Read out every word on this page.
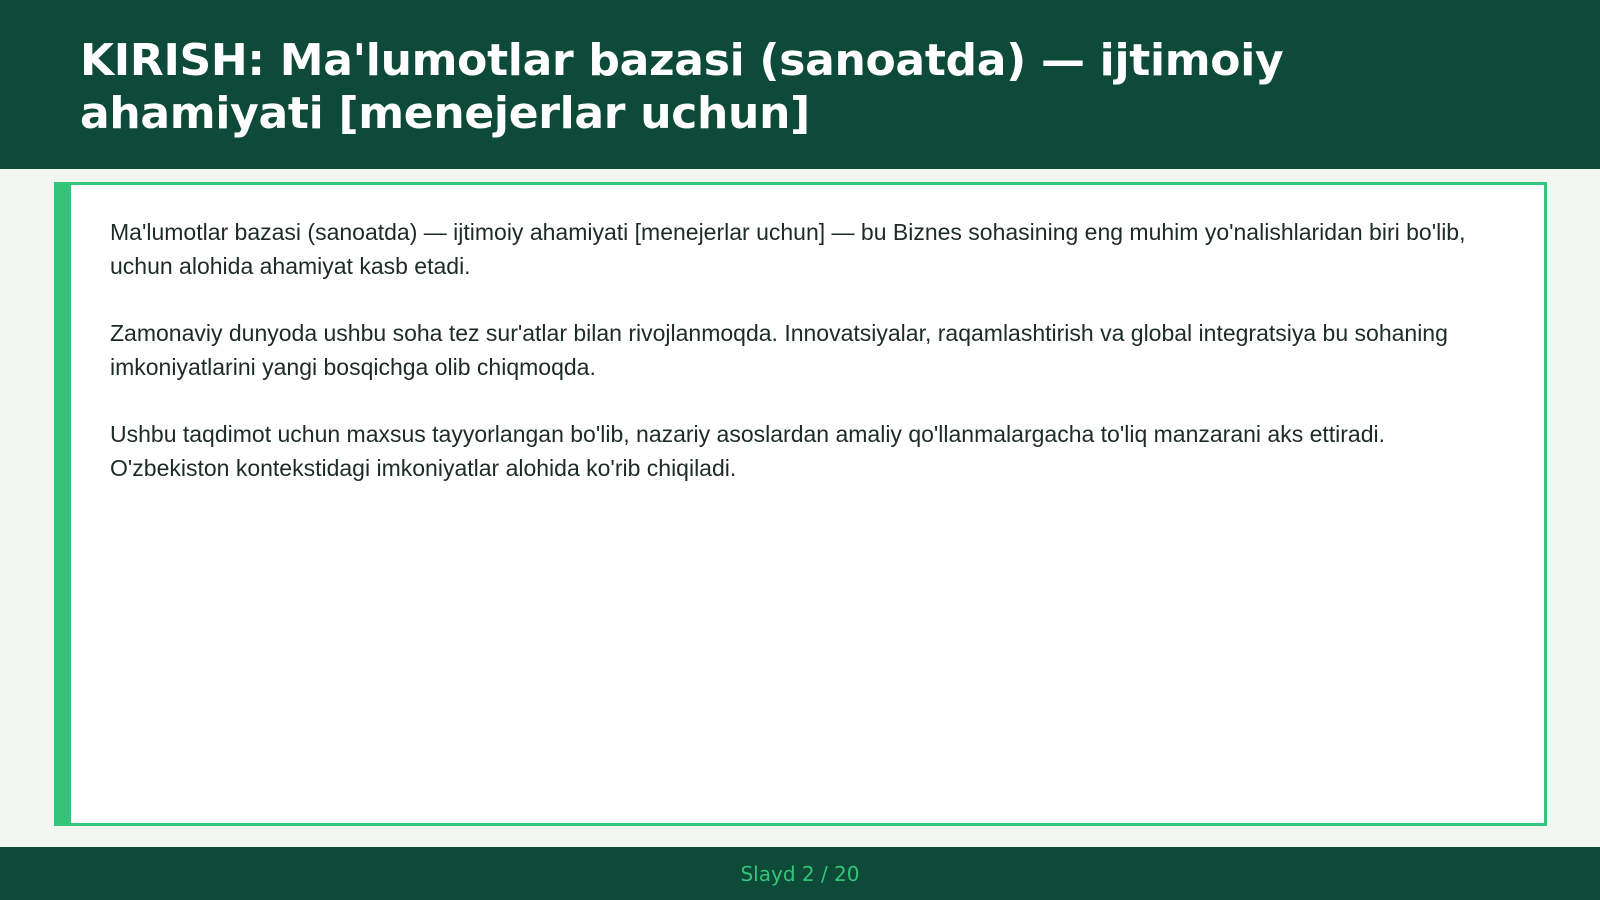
KIRISH: Ma'lumotlar bazasi (sanoatda) — ijtimoiy ahamiyati [menejerlar uchun]

Ma'lumotlar bazasi (sanoatda) — ijtimoiy ahamiyati [menejerlar uchun] — bu Biznes sohasining eng muhim yo'nalishlaridan biri bo'lib, uchun alohida ahamiyat kasb etadi.

Zamonaviy dunyoda ushbu soha tez sur'atlar bilan rivojlanmoqda. Innovatsiyalar, raqamlashtirish va global integratsiya bu sohaning imkoniyatlarini yangi bosqichga olib chiqmoqda.

Ushbu taqdimot uchun maxsus tayyorlangan bo'lib, nazariy asoslardan amaliy qo'llanmalargacha to'liq manzarani aks ettiradi. O'zbekiston kontekstidagi imkoniyatlar alohida ko'rib chiqiladi.

Slayd 2 / 20
